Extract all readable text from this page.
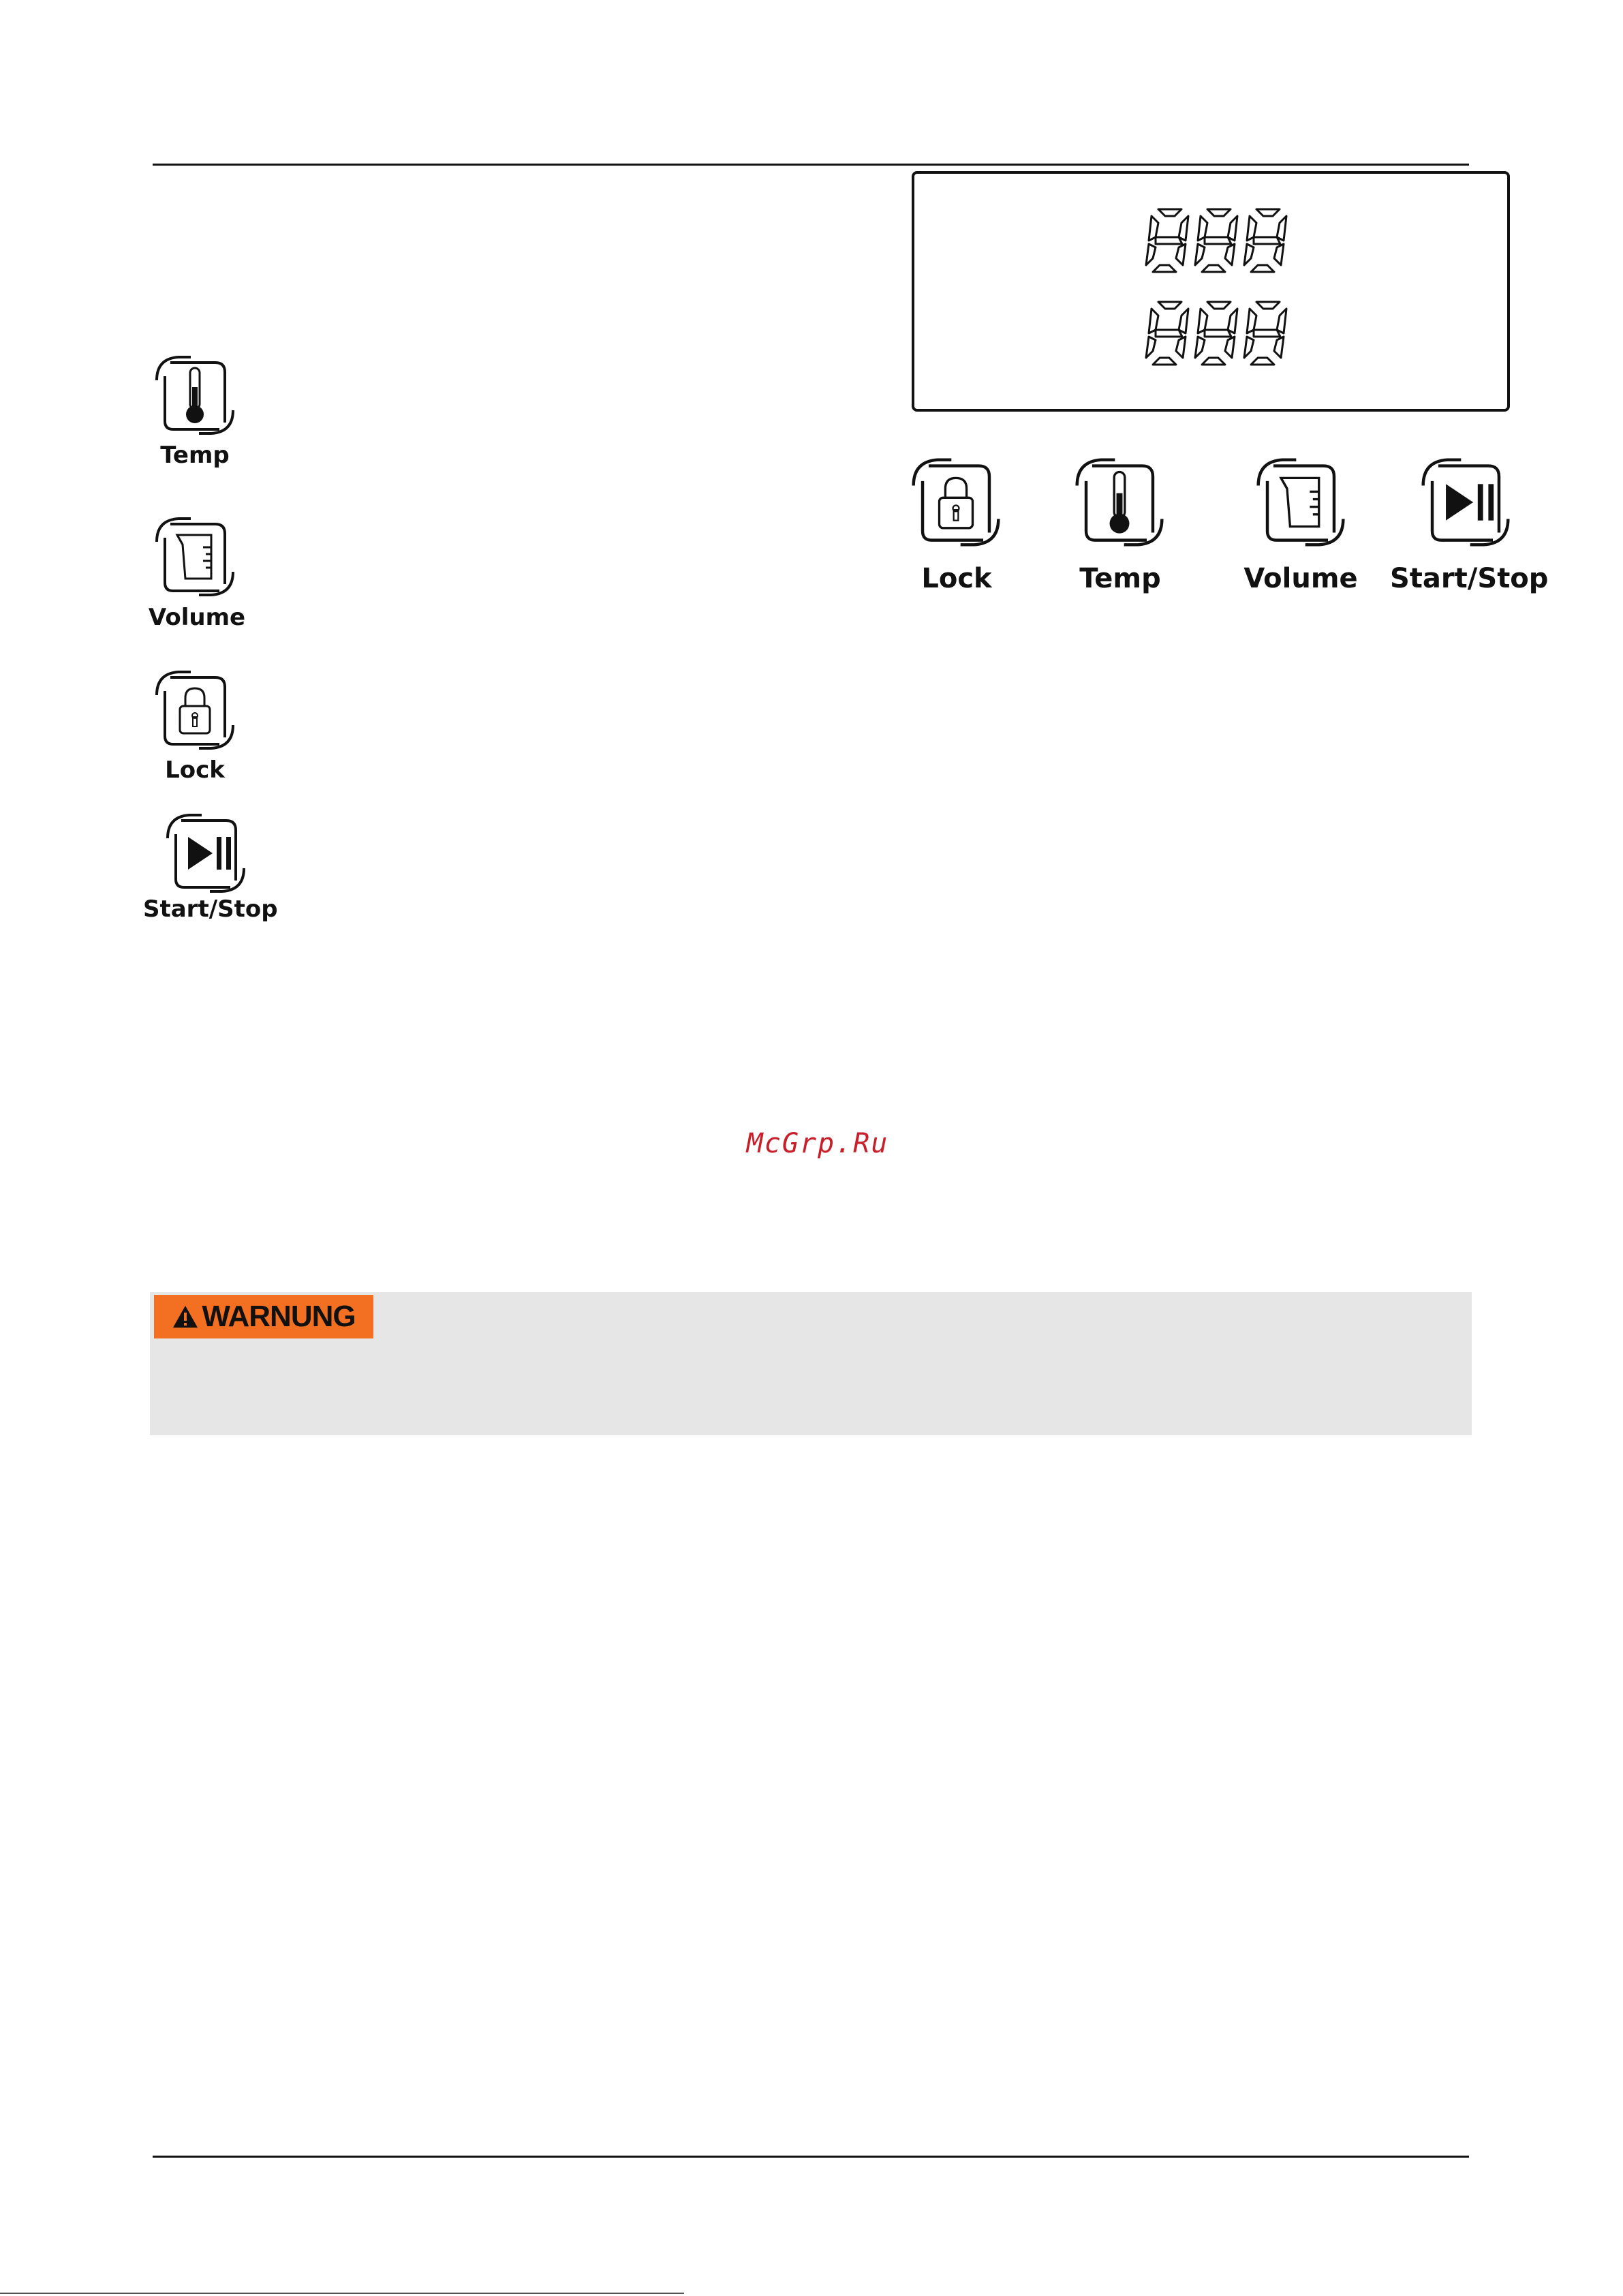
Temp
Volume
Lock
Start/Stop
Lock	Temp	Volume Start/Stop
McGrp.Ru
WARNUNG
